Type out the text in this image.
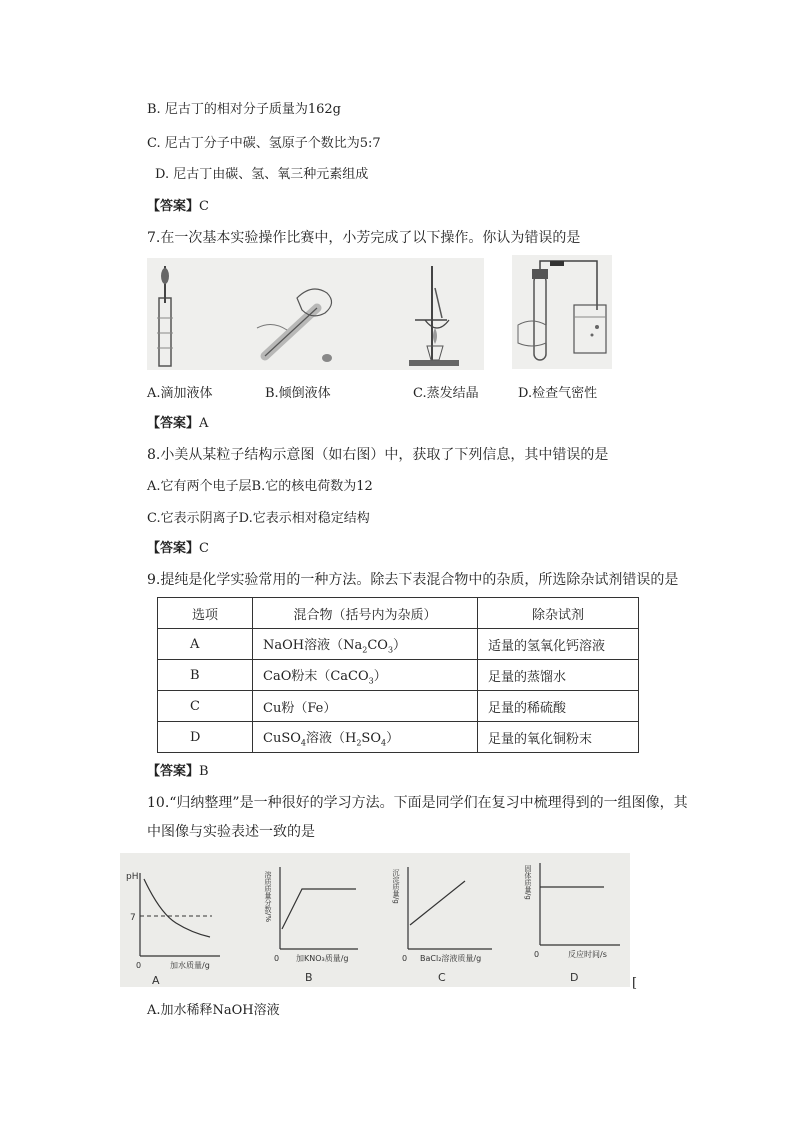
B. 尼古丁的相对分子质量为162g
C. 尼古丁分子中碳、氢原子个数比为5:7
D. 尼古丁由碳、氢、氧三种元素组成
【答案】C
7.在一次基本实验操作比赛中，小芳完成了以下操作。你认为错误的是
A.滴加液体	B.倾倒液体	C.蒸发结晶	D.检查气密性
【答案】A
8.小美从某粒子结构示意图（如右图）中，获取了下列信息，其中错误的是
A.它有两个电子层B.它的核电荷数为12
C.它表示阴离子D.它表示相对稳定结构
【答案】C
9.提纯是化学实验常用的一种方法。除去下表混合物中的杂质，所选除杂试剂错误的是
选项	混合物（括号内为杂质）	除杂试剂
A	NaOH溶液$(Na_2CO_3)$	适量的氢氧化钙溶液
B	CaO粉末（CaCO$_3$）	足量的蒸馏水
C	Cu粉（Fe）	足量的稀硫酸
D	CuSO$_4$溶液$(H_2SO_4)$	足量的氧化铜粉末
【答案】B
10.“归纳整理”是一种很好的学习方法。下面是同学们在复习中梳理得到的一组图像，其
中图像与实验表述一致的是
pH
7
0	加水质量/g
A
溶质质量分数/%
0 加KNO₃质量/g
B
沉淀质量/g
0 BaCl₂溶液质量/g
C
固体质量/g
0	反应时间/s
D	[
A.加水稀释NaOH溶液
